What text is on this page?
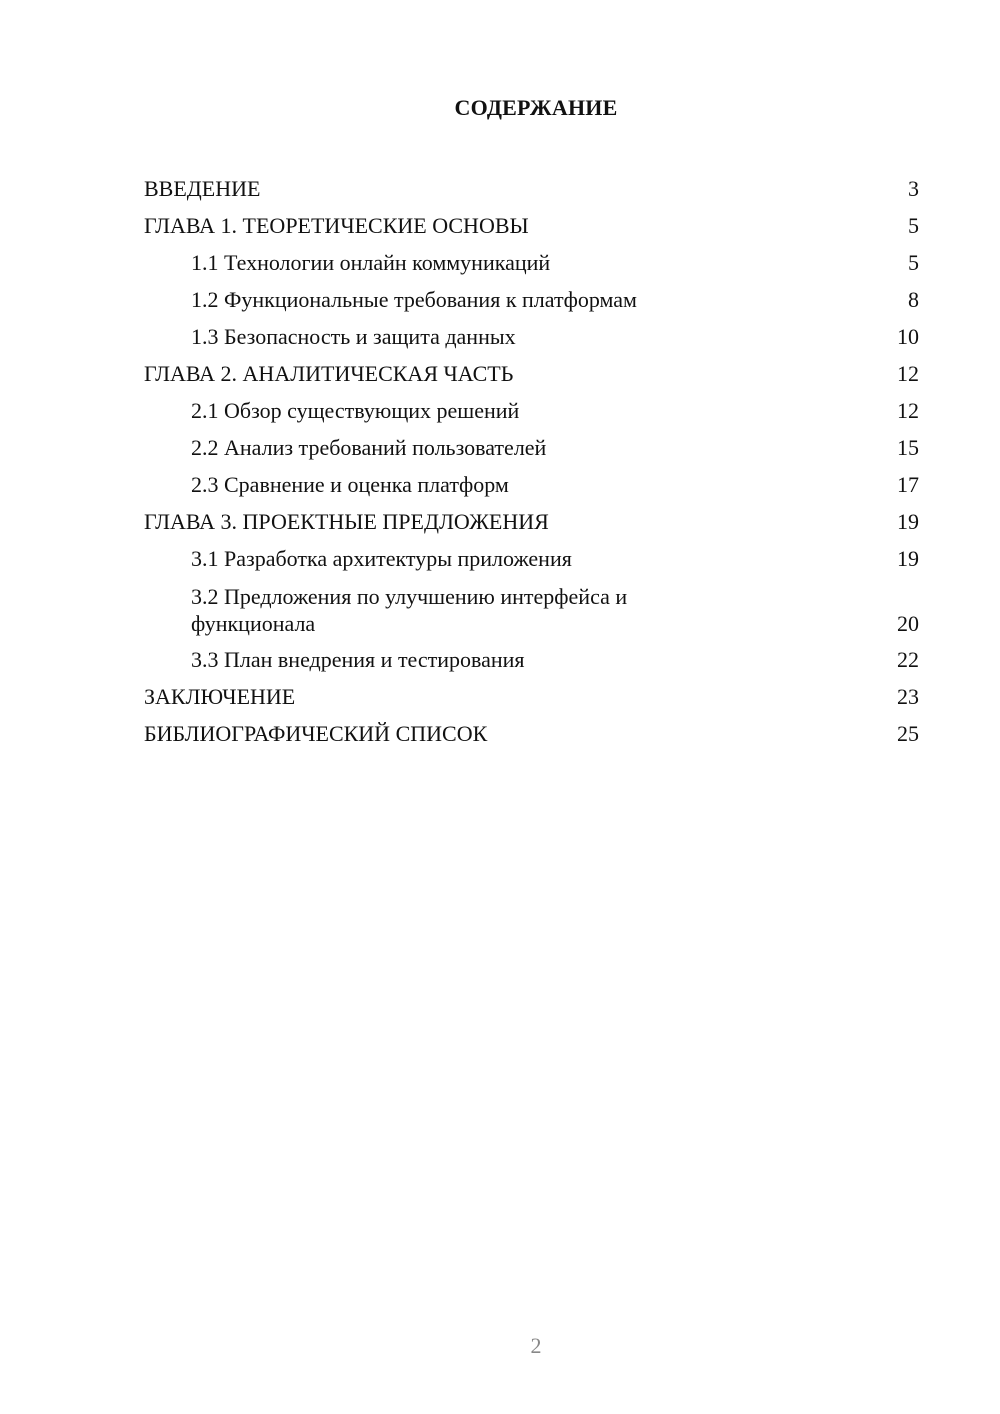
СОДЕРЖАНИЕ
ВВЕДЕНИЕ	3
ГЛАВА 1. ТЕОРЕТИЧЕСКИЕ ОСНОВЫ	5
1.1 Технологии онлайн коммуникаций	5
1.2 Функциональные требования к платформам	8
1.3 Безопасность и защита данных	10
ГЛАВА 2. АНАЛИТИЧЕСКАЯ ЧАСТЬ	12
2.1 Обзор существующих решений	12
2.2 Анализ требований пользователей	15
2.3 Сравнение и оценка платформ	17
ГЛАВА 3. ПРОЕКТНЫЕ ПРЕДЛОЖЕНИЯ	19
3.1 Разработка архитектуры приложения	19
3.2 Предложения по улучшению интерфейса и функционала	20
3.3 План внедрения и тестирования	22
ЗАКЛЮЧЕНИЕ	23
БИБЛИОГРАФИЧЕСКИЙ СПИСОК	25
2
